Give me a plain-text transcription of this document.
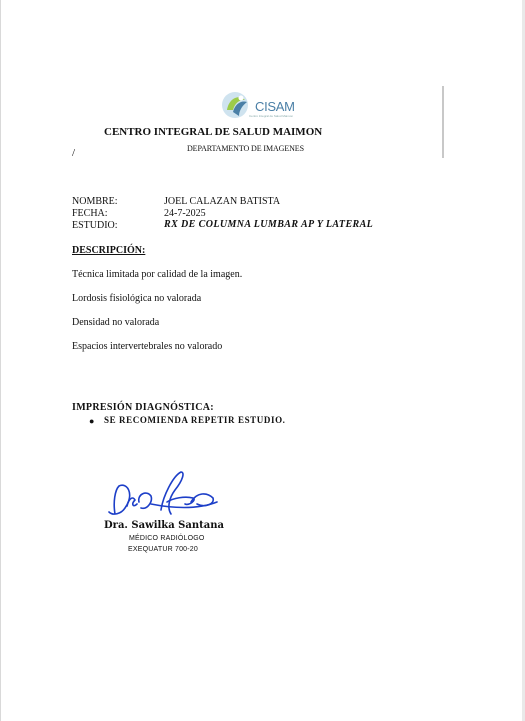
CISAM
Centro Integral de Salud Maimon
CENTRO INTEGRAL DE SALUD MAIMON
DEPARTAMENTO DE IMAGENES
/
NOMBRE:	JOEL CALAZAN BATISTA
FECHA:	24-7-2025
ESTUDIO:	RX DE COLUMNA LUMBAR AP Y LATERAL
DESCRIPCIÓN:
Técnica limitada por calidad de la imagen.
Lordosis fisiológica no valorada
Densidad no valorada
Espacios intervertebrales no valorado
IMPRESIÓN DIAGNÓSTICA:
● SE RECOMIENDA REPETIR ESTUDIO.
Dra. Sawilka Santana
MÉDICO RADIÓLOGO
EXEQUATUR 700-20
